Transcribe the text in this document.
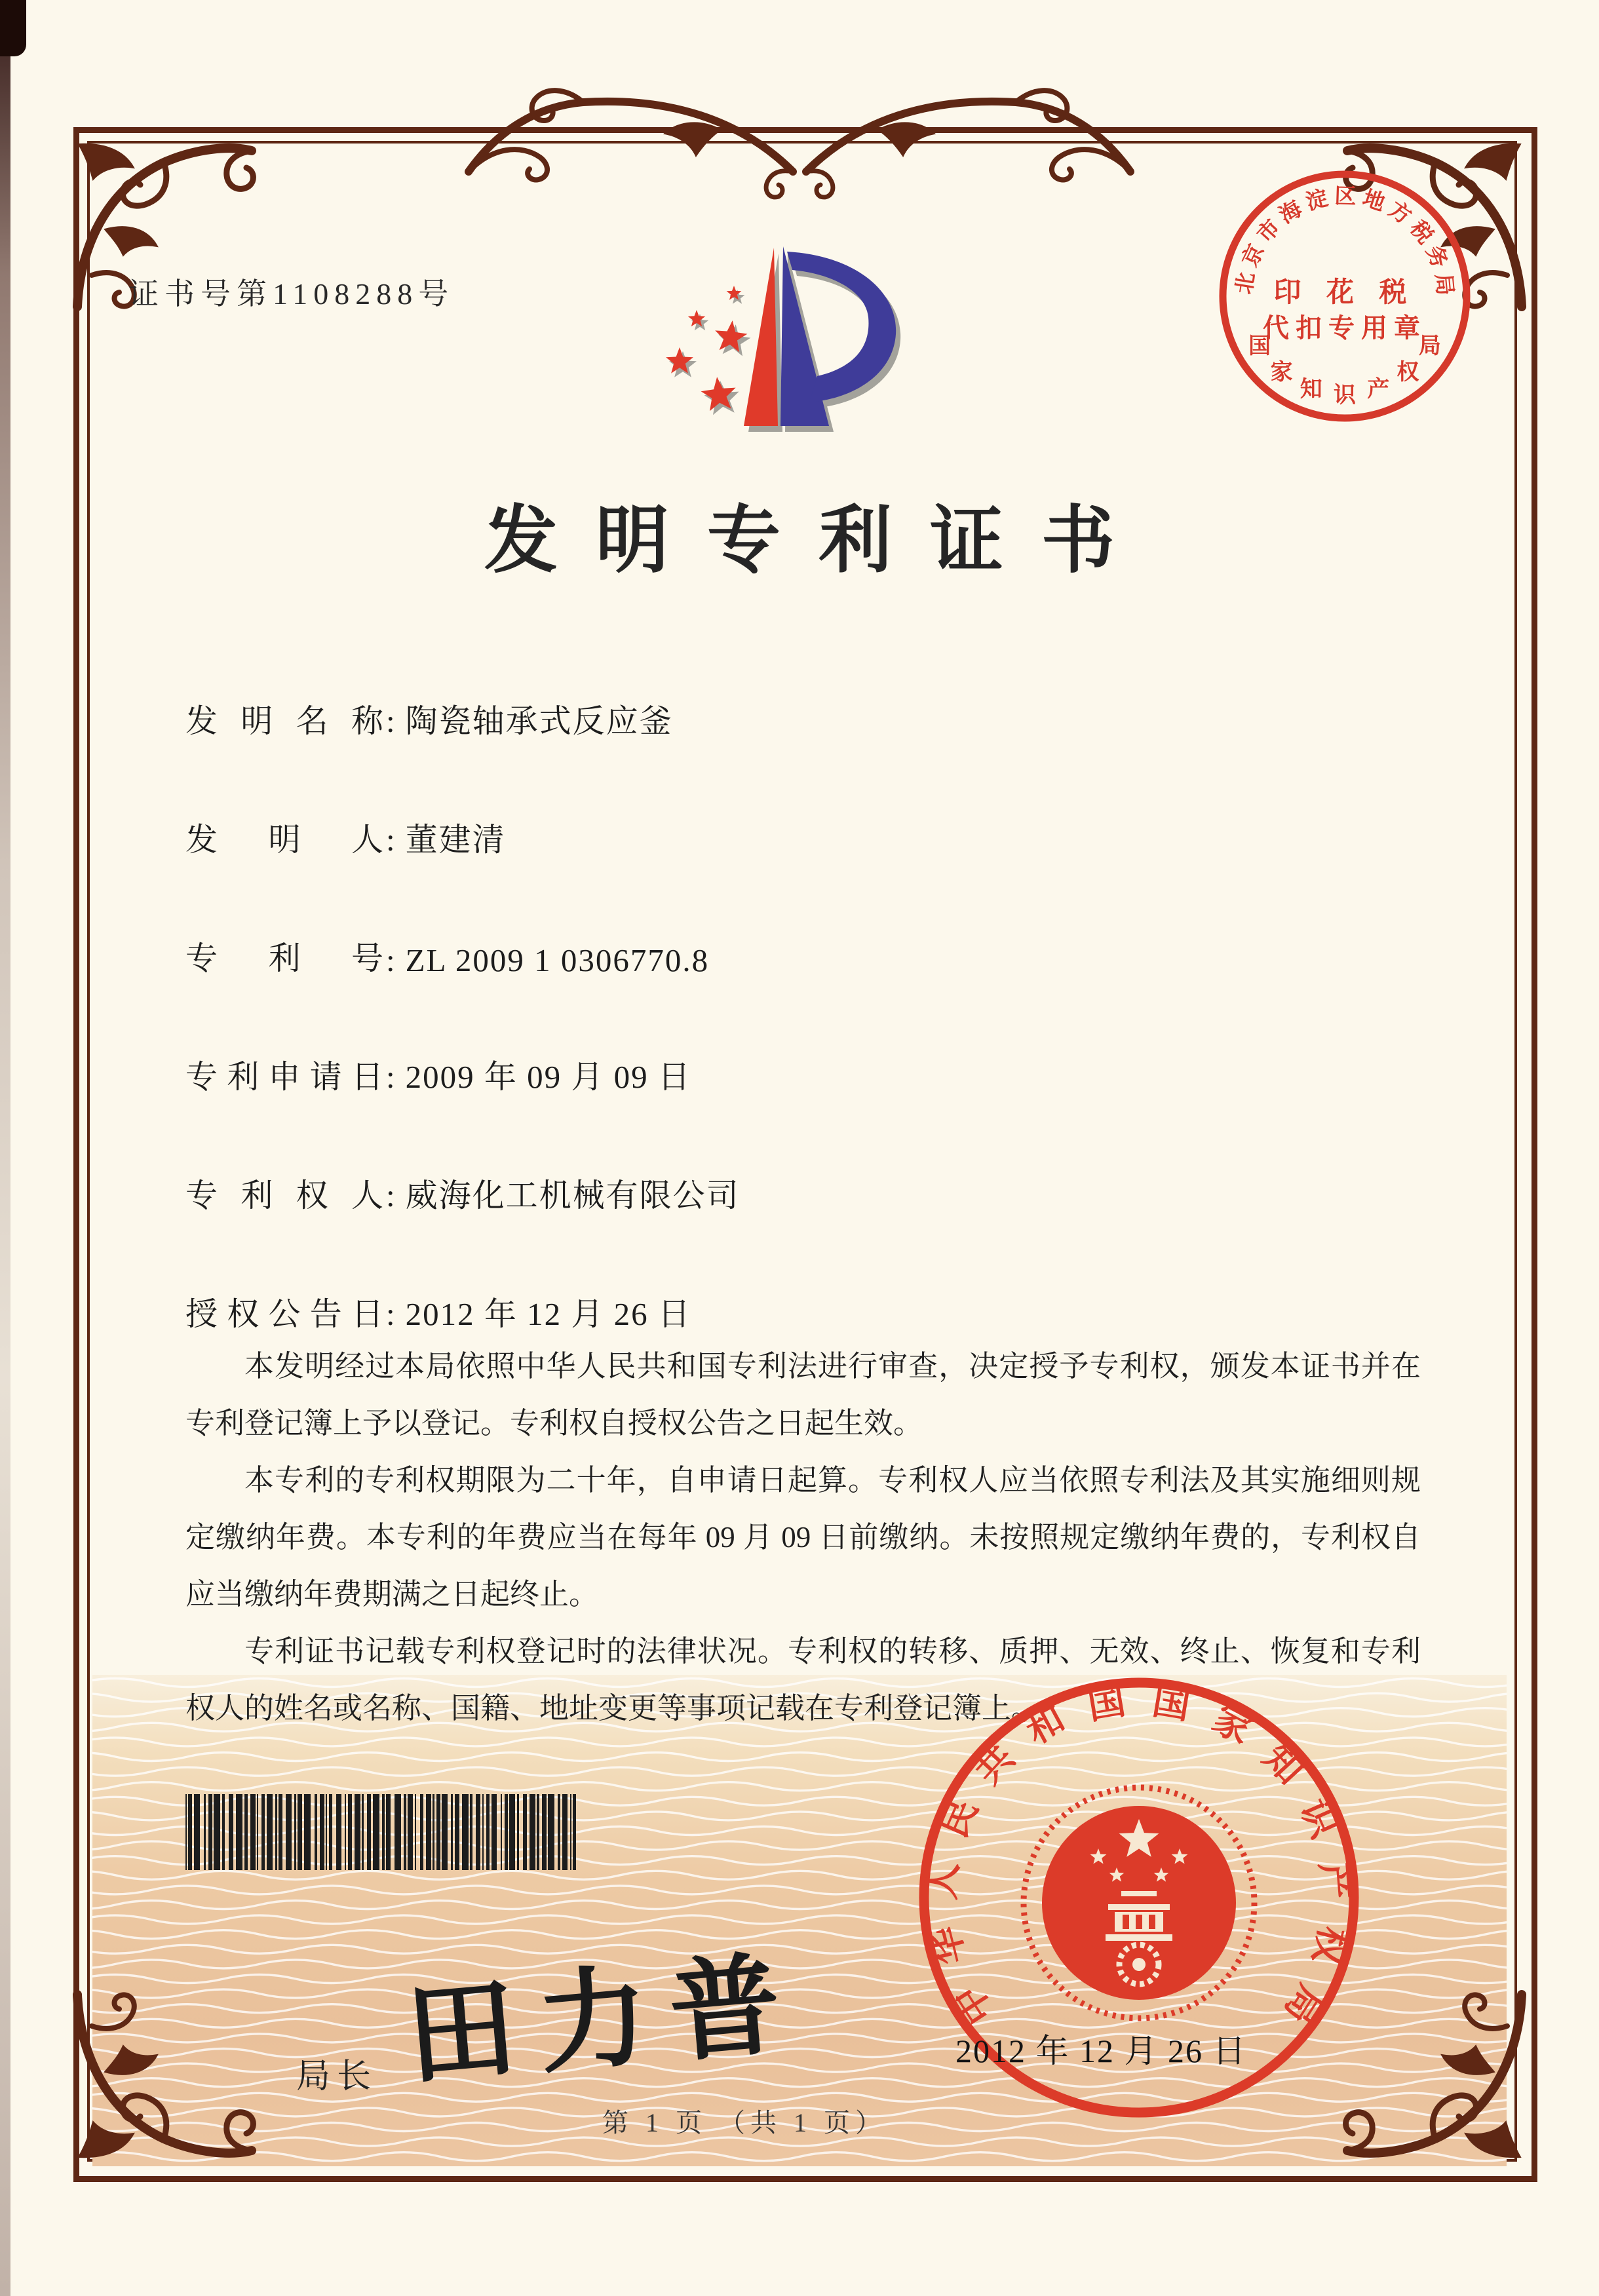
证书号第1108288号	北京市海淀区地方税务局
印 花 税
代扣专用章
国
家
知 识 产
权
局
发明专利证书
发明名称: 陶瓷轴承式反应釜
发明人: 董建清
专利号: ZL 2009 1 0306770.8
专利申请日: 2009 年 09 月 09 日
专利权人: 威海化工机械有限公司
授权公告日: 2012 年 12 月 26 日

本发明经过本局依照中华人民共和国专利法进行审查，决定授予专利权，颁发本证书并在专利登记簿上予以登记。专利权自授权公告之日起生效。

本专利的专利权期限为二十年，自申请日起算。专利权人应当依照专利法及其实施细则规定缴纳年费。本专利的年费应当在每年 09 月 09 日前缴纳。未按照规定缴纳年费的，专利权自应当缴纳年费期满之日起终止。

专利证书记载专利权登记时的法律状况。专利权的转移、质押、无效、终止、恢复和专利权人的姓名或名称、国籍、地址变更等事项记载在专利登记簿上。

局长 田力普	中
华
人
民
共
和 国 国 家
知
识
产
权
局
2012 年 12 月 26 日
第 1 页 （共 1 页）
